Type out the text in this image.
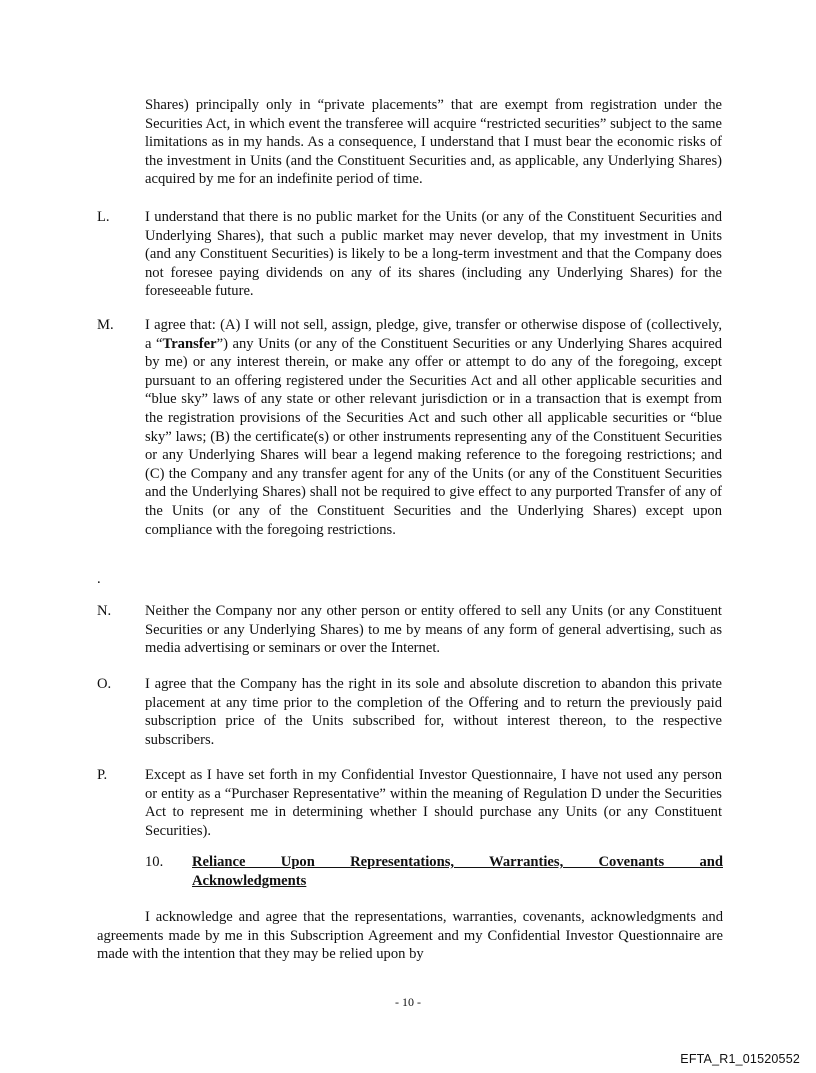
Shares) principally only in “private placements” that are exempt from registration under the Securities Act, in which event the transferee will acquire “restricted securities” subject to the same limitations as in my hands. As a consequence, I understand that I must bear the economic risks of the investment in Units (and the Constituent Securities and, as applicable, any Underlying Shares) acquired by me for an indefinite period of time.

L. I understand that there is no public market for the Units (or any of the Constituent Securities and Underlying Shares), that such a public market may never develop, that my investment in Units (and any Constituent Securities) is likely to be a long-term investment and that the Company does not foresee paying dividends on any of its shares (including any Underlying Shares) for the foreseeable future.

M. I agree that: (A) I will not sell, assign, pledge, give, transfer or otherwise dispose of (collectively, a “Transfer”) any Units (or any of the Constituent Securities or any Underlying Shares acquired by me) or any interest therein, or make any offer or attempt to do any of the foregoing, except pursuant to an offering registered under the Securities Act and all other applicable securities and “blue sky” laws of any state or other relevant jurisdiction or in a transaction that is exempt from the registration provisions of the Securities Act and such other all applicable securities or “blue sky” laws; (B) the certificate(s) or other instruments representing any of the Constituent Securities or any Underlying Shares will bear a legend making reference to the foregoing restrictions; and (C) the Company and any transfer agent for any of the Units (or any of the Constituent Securities and the Underlying Shares) shall not be required to give effect to any purported Transfer of any of the Units (or any of the Constituent Securities and the Underlying Shares) except upon compliance with the foregoing restrictions.

.
N. Neither the Company nor any other person or entity offered to sell any Units (or any Constituent Securities or any Underlying Shares) to me by means of any form of general advertising, such as media advertising or seminars or over the Internet.

O. I agree that the Company has the right in its sole and absolute discretion to abandon this private placement at any time prior to the completion of the Offering and to return the previously paid subscription price of the Units subscribed for, without interest thereon, to the respective subscribers.

P.	Except as I have set forth in my Confidential Investor Questionnaire, I have not used any person or entity as a “Purchaser Representative” within the meaning of Regulation D under the Securities Act to represent me in determining whether I should purchase any Units (or any Constituent Securities).

10. Reliance Upon Representations, Warranties, Covenants and
Acknowledgments

I acknowledge and agree that the representations, warranties, covenants, acknowledgments and agreements made by me in this Subscription Agreement and my Confidential Investor Questionnaire are made with the intention that they may be relied upon by

- 10 -
EFTA_R1_01520552
